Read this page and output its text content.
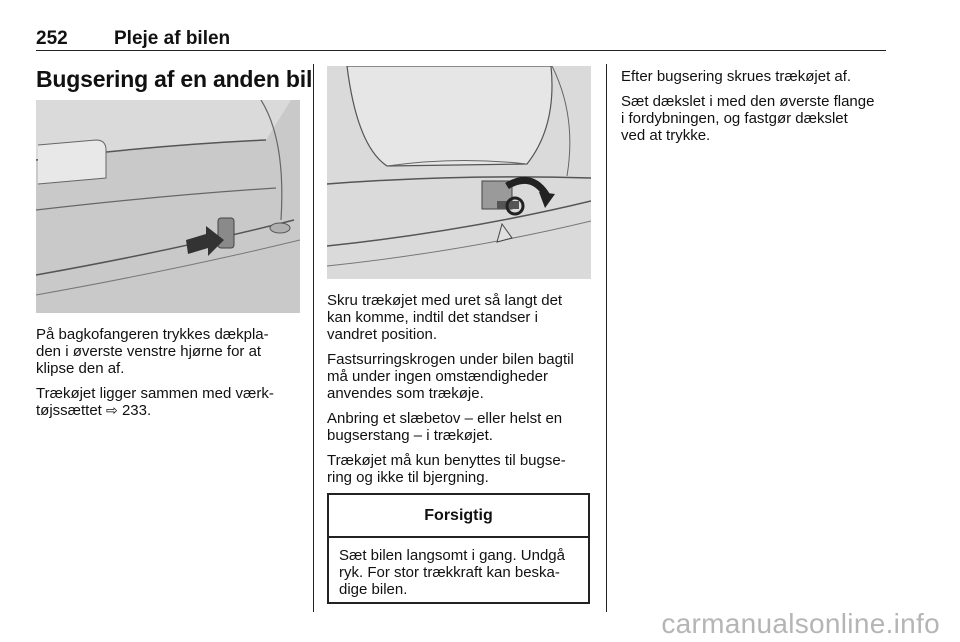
252 Pleje af bilen
Bugsering af en anden bil

På bagkofangeren trykkes dækpla-
den i øverste venstre hjørne for at
klipse den af.

Trækøjet ligger sammen med værk-
tøjssættet ⇨ 233.

Skru trækøjet med uret så langt det
kan komme, indtil det standser i
vandret position.

Fastsurringskrogen under bilen bagtil
må under ingen omstændigheder
anvendes som trækøje.

Anbring et slæbetov – eller helst en
bugserstang – i trækøjet.

Trækøjet må kun benyttes til bugse-
ring og ikke til bjergning.

Forsigtig
Sæt bilen langsomt i gang. Undgå
ryk. For stor trækkraft kan beska-
dige bilen.

Efter bugsering skrues trækøjet af.

Sæt dækslet i med den øverste flange
i fordybningen, og fastgør dækslet
ved at trykke.

carmanualsonline.info
